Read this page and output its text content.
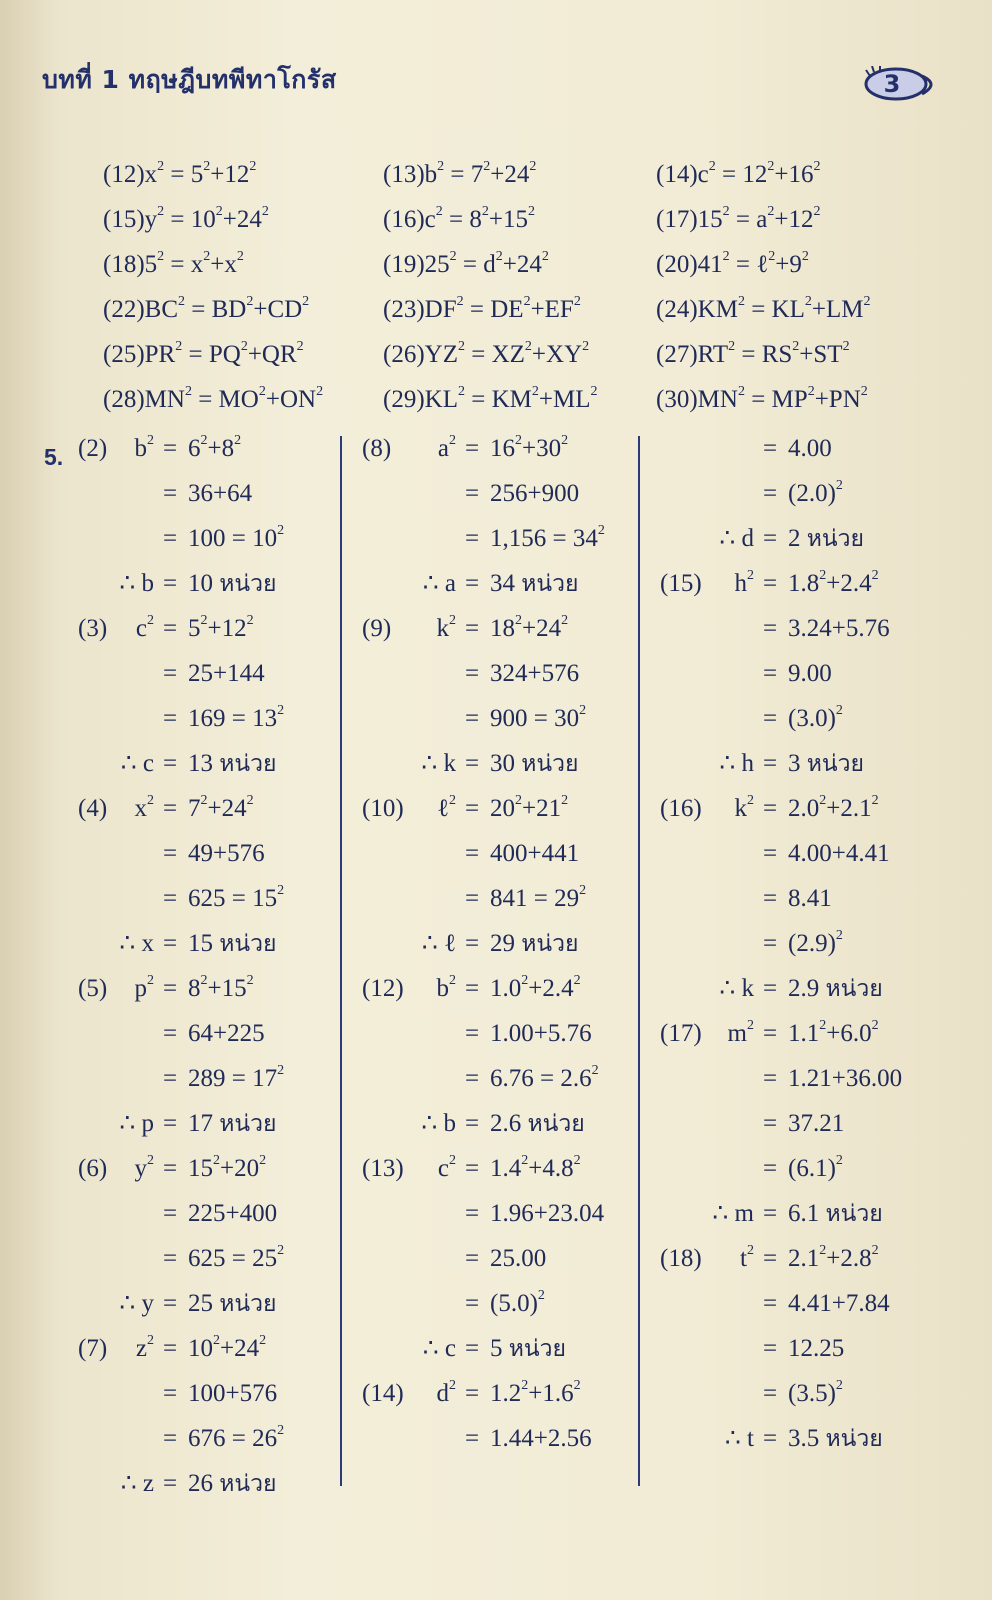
บทที่ 1 ทฤษฎีบทพีทาโกรัส	3
$(12)x^2 = 5^2+12^2$	$(13)b^2 = 7^2+24^2$	$(14)c^2 = 12^2+16^2$
$(15)y^2 = 10^2+24^2$	$(16)c^2 = 8^2+15^2$	$(17)15^2 = a^2+12^2$
$(18)5^2 = x^2+x^2$	$(19)25^2 = d^2+24^2$	$(20)41^2$ = $\ell^2+9^2$
$(22)BC^2 = BD^2+CD^2$	$(23)DF^2 = DE^2+EF^2$	$(24)KM^2 = KL^2+LM^2$
$(25)PR^2 = PQ^2+QR^2$	$(26)YZ^2 = XZ^2+XY^2$	$(27)RT^2 = RS^2+ST^2$
$(28)MN^2 = MO^2+ON^2$ $(29)KL^2 = KM^2+ML^2$ $(30)MN^2 = MP^2+PN^2$
5. (2)	$b^2 = 6^2+8^2$
= 36+64
= $100 = 10^2$
∴ b = 10 หน่วย
(3)	$c^2 = 5^2+12^2$
= 25+144
= $169 = 13^2$
∴ c = 13 หน่วย
(4)	$x^2 = 7^2+24^2$
= 49+576
= $625 = 15^2$
∴ x = 15 หน่วย
(5)	$p^2 = 8^2+15^2$
= 64+225
= $289 = 17^2$
∴ p = 17 หน่วย
(6)	$y^2 = 15^2+20^2$
= 225+400
= $625 = 25^2$
∴ y = 25 หน่วย
(7)	$z^2 = 10^2+24^2$
= 100+576
= $676 = 26^2$
∴ z = 26 หน่วย
(8)	$a^2 = 16^2+30^2$
= 256+900
= $1,156 = 34^2$
∴ a = 34 หน่วย
(9)	$k^2 = 18^2+24^2$
= 324+576
= $900 = 30^2$
∴ k = 30 หน่วย
(10)	ℓ$^2$ = $20^2+21^2$
= 400+441
= $841 = 29^2$
∴ ℓ = 29 หน่วย
(12)	$b^2 = 1.0^2+2.4^2$
= 1.00+5.76
= $6.76 = 2.6^2$
∴ b = 2.6 หน่วย
(13)	$c^2 = 1.4^2+4.8^2$
= 1.96+23.04
= 25.00
= $(5.0)^2$
∴ c = 5 หน่วย
(14)	$d^2 = 1.2^2+1.6^2$
= 1.44+2.56
= 4.00
= $(2.0)^2$
∴ d = 2 หน่วย
(15)	$h^2 = 1.8^2+2.4^2$
= 3.24+5.76
= 9.00
= $(3.0)^2$
∴ h = 3 หน่วย
(16)	$k^2 = 2.0^2+2.1^2$
= 4.00+4.41
= 8.41
= $(2.9)^2$
∴ k = 2.9 หน่วย
(17)	$m^2 = 1.1^2+6.0^2$
= 1.21+36.00
= 37.21
= $(6.1)^2$
∴ m = 6.1 หน่วย
(18)	$t^2 = 2.1^2+2.8^2$
= 4.41+7.84
= 12.25
= $(3.5)^2$
∴ t = 3.5 หน่วย
